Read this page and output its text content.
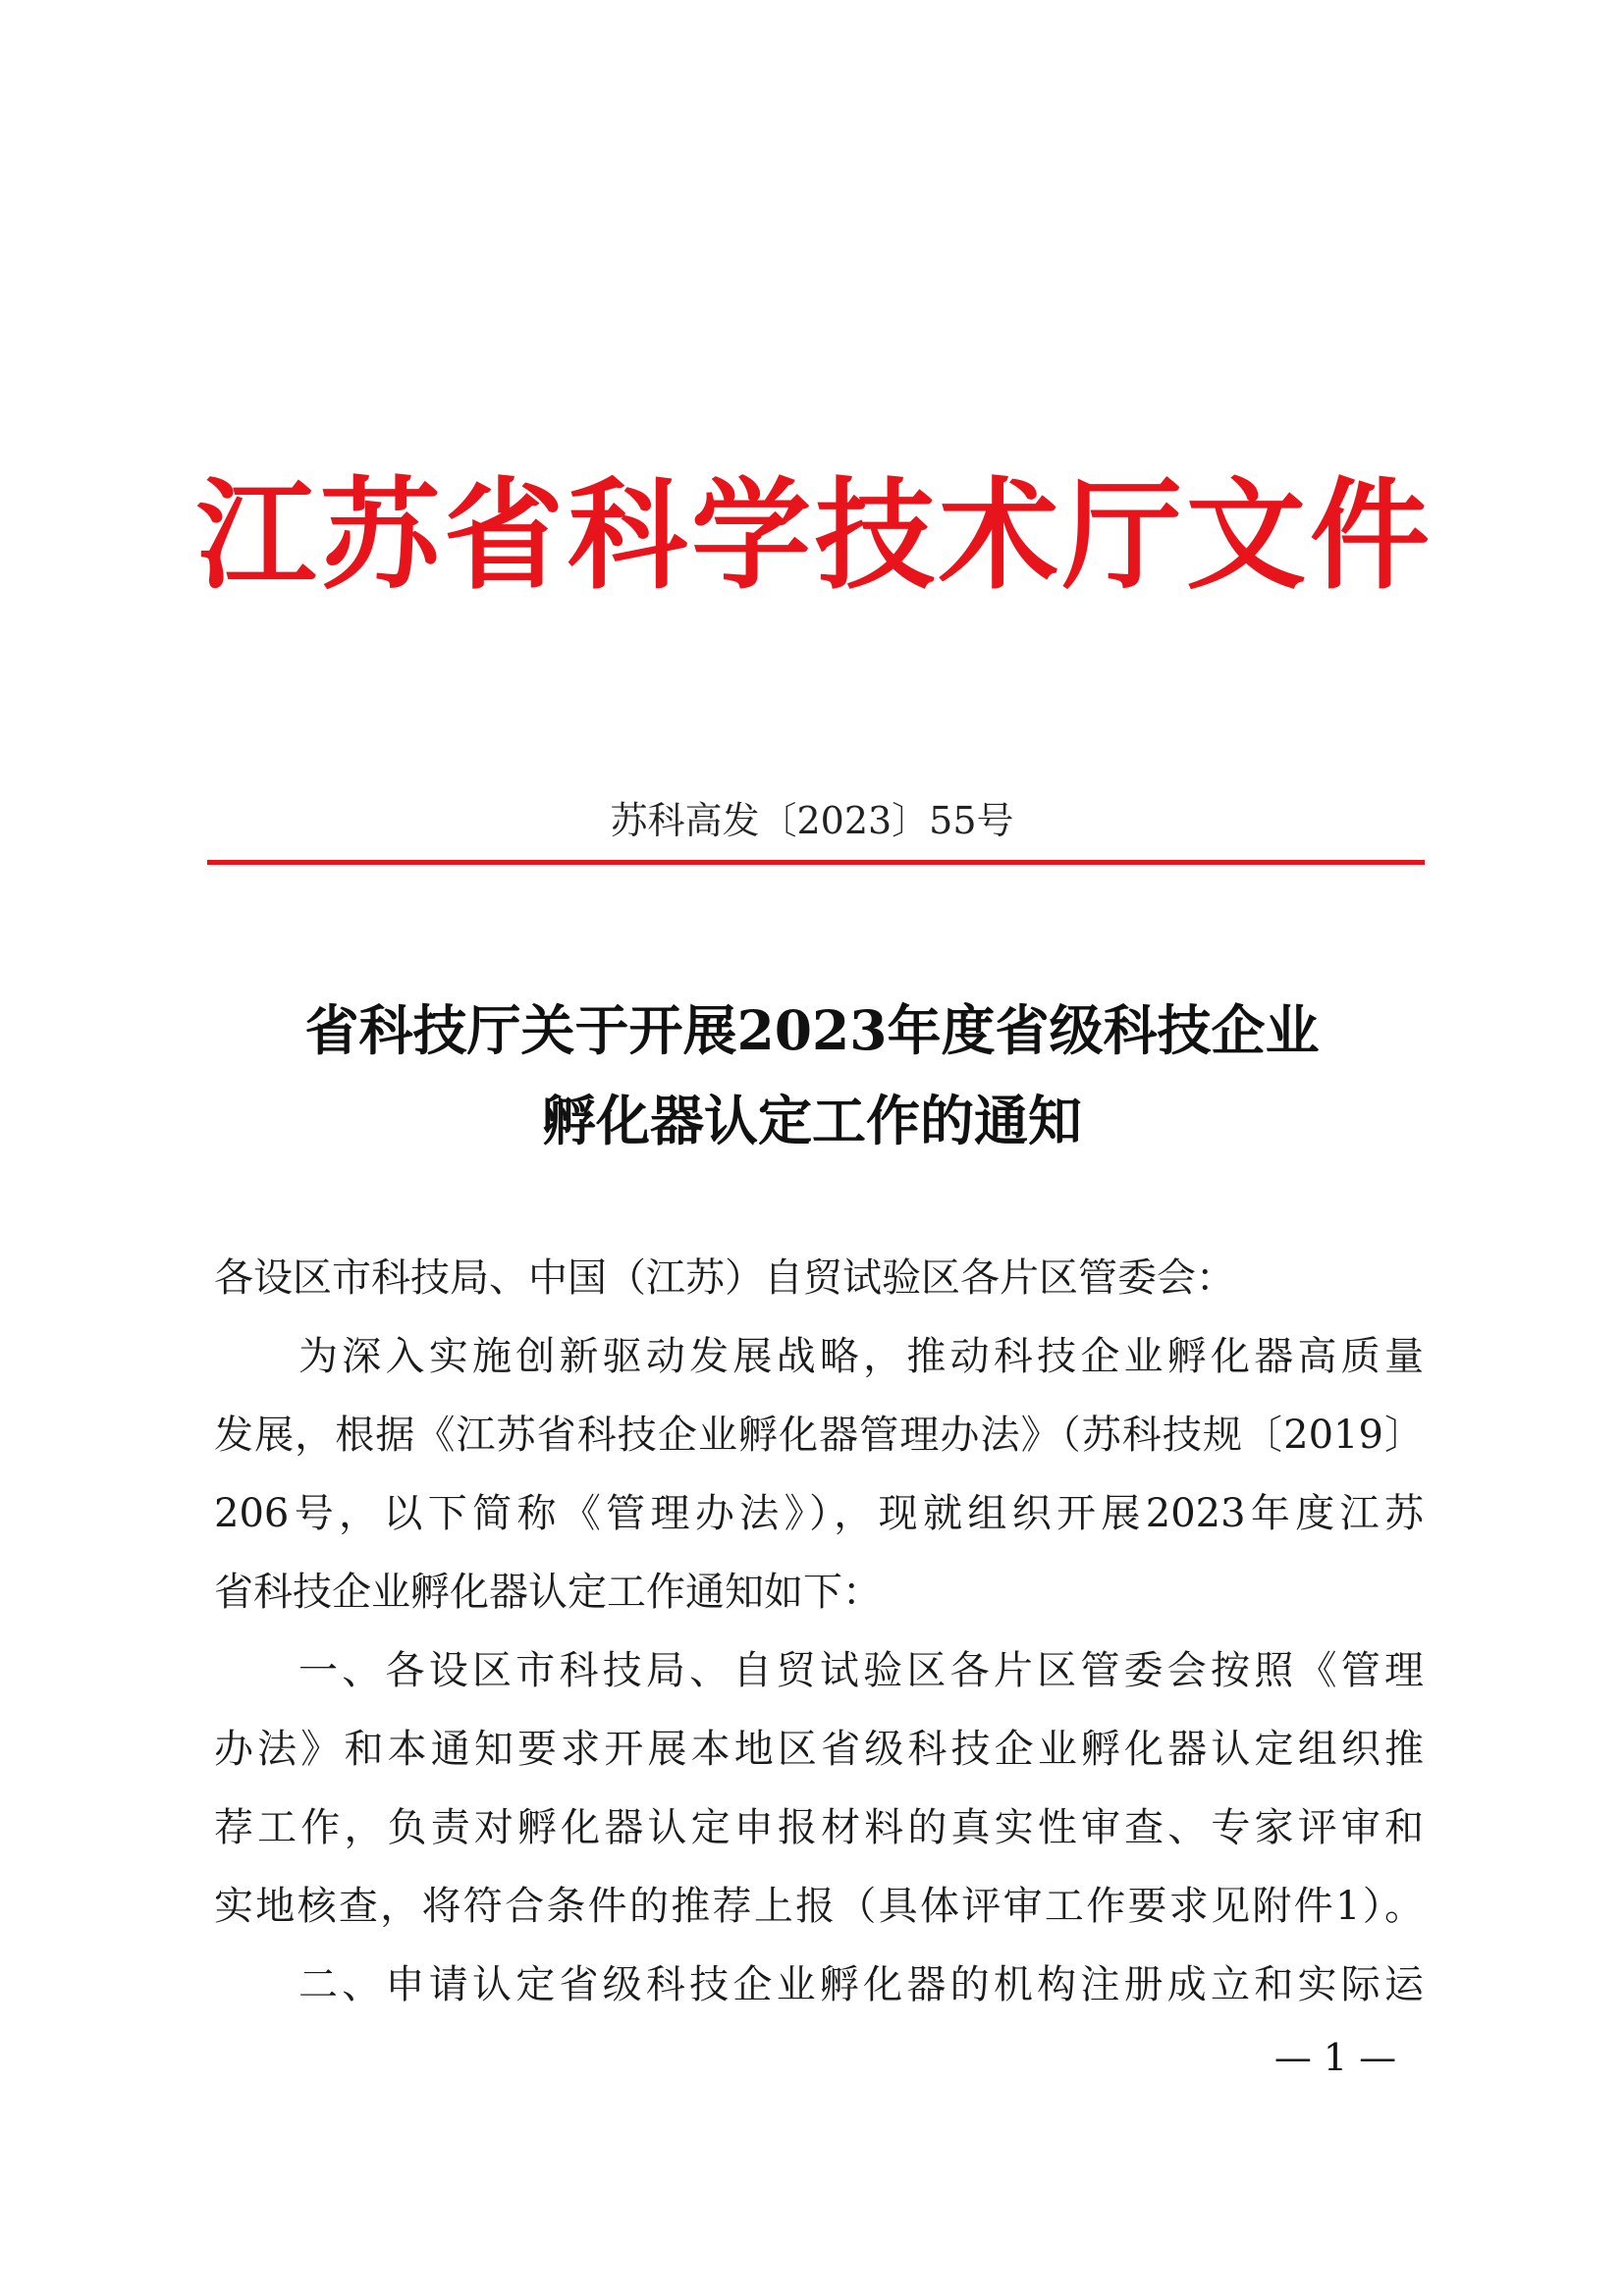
江苏省科学技术厅文件
苏科高发〔2023〕55号
省科技厅关于开展2023年度省级科技企业
孵化器认定工作的通知
各设区市科技局、中国（江苏）自贸试验区各片区管委会：
为深入实施创新驱动发展战略，推动科技企业孵化器高质量
发展，根据《江苏省科技企业孵化器管理办法》（苏科技规〔2019〕
206号，以下简称《管理办法》），现就组织开展2023年度江苏
省科技企业孵化器认定工作通知如下：
一、各设区市科技局、自贸试验区各片区管委会按照《管理
办法》和本通知要求开展本地区省级科技企业孵化器认定组织推
荐工作，负责对孵化器认定申报材料的真实性审查、专家评审和
实地核查，将符合条件的推荐上报（具体评审工作要求见附件1）。
二、申请认定省级科技企业孵化器的机构注册成立和实际运
— 1 —
